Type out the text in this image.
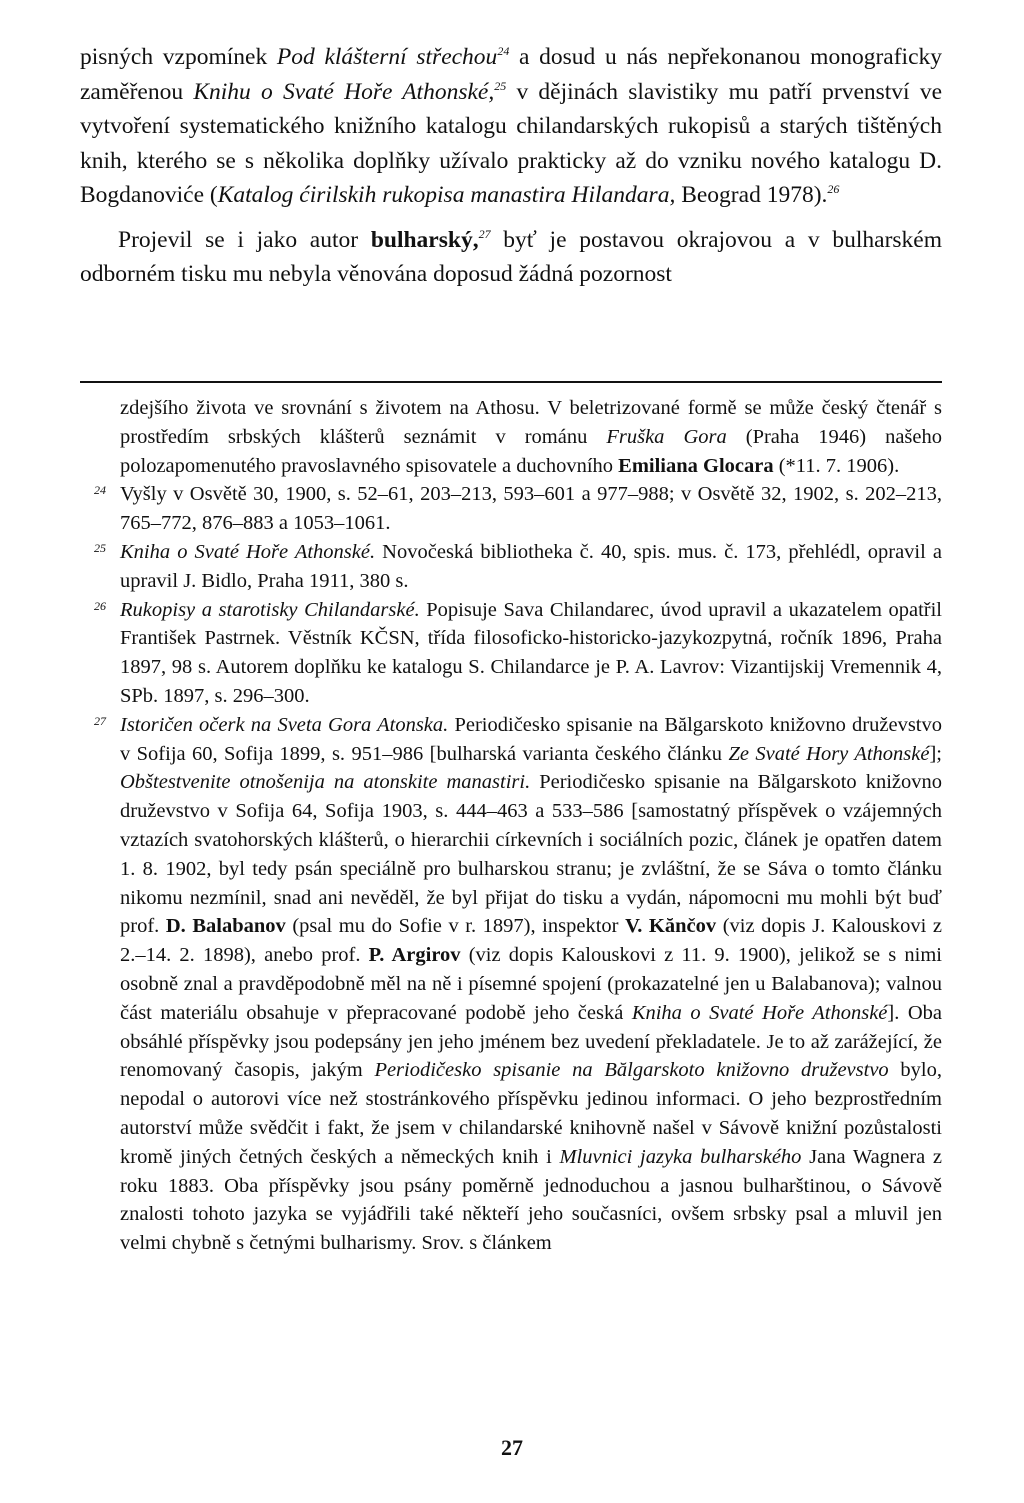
pisných vzpomínek Pod klášterní střechou$^{24}$ a dosud u nás nepřekonanou monograficky zaměřenou Knihu o Svaté Hoře Athonské,$^{25}$ v dějinách slavistiky mu patří prvenství ve vytvoření systematického knižního katalogu chilandarských rukopisů a starých tištěných knih, kterého se s několika doplňky užívalo prakticky až do vzniku nového katalogu D. Bogdanoviće (Katalog ćirilskih rukopisa manastira Hilandara, Beograd 1978).$^{26}$

Projevil se i jako autor bulharský,$^{27}$ byť je postavou okrajovou a v bulharském odborném tisku mu nebyla věnována doposud žádná pozornost

zdejšího života ve srovnání s životem na Athosu. V beletrizované formě se může český čtenář s prostředím srbských klášterů seznámit v románu Fruška Gora (Praha 1946) našeho polozapomenutého pravoslavného spisovatele a duchovního Emiliana Glocara (*11. 7. 1906).

24 Vyšly v Osvětě 30, 1900, s. 52–61, 203–213, 593–601 a 977–988; v Osvětě 32, 1902, s. 202–213, 765–772, 876–883 a 1053–1061.

25 Kniha o Svaté Hoře Athonské. Novočeská bibliotheka č. 40, spis. mus. č. 173, přehlédl, opravil a upravil J. Bidlo, Praha 1911, 380 s.

26 Rukopisy a starotisky Chilandarské. Popisuje Sava Chilandarec, úvod upravil a ukazatelem opatřil František Pastrnek. Věstník KČSN, třída filosoficko-historicko-jazykozpytná, ročník 1896, Praha 1897, 98 s. Autorem doplňku ke katalogu S. Chilandarce je P. A. Lavrov: Vizantijskij Vremennik 4, SPb. 1897, s. 296–300.

27 Istoričen očerk na Sveta Gora Atonska. Periodičesko spisanie na Bălgarskoto knižovno druževstvo v Sofija 60, Sofija 1899, s. 951–986 [bulharská varianta českého článku Ze Svaté Hory Athonské]; Obštestvenite otnošenija na atonskite manastiri. Periodičesko spisanie na Bălgarskoto knižovno druževstvo v Sofija 64, Sofija 1903, s. 444–463 a 533–586 [samostatný příspěvek o vzájemných vztazích svatohorských klášterů, o hierarchii církevních i sociálních pozic, článek je opatřen datem 1. 8. 1902, byl tedy psán speciálně pro bulharskou stranu; je zvláštní, že se Sáva o tomto článku nikomu nezmínil, snad ani nevěděl, že byl přijat do tisku a vydán, nápomocni mu mohli být buď prof. D. Balabanov (psal mu do Sofie v r. 1897), inspektor V. Kănčov (viz dopis J. Kalouskovi z 2.–14. 2. 1898), anebo prof. P. Argirov (viz dopis Kalouskovi z 11. 9. 1900), jelikož se s nimi osobně znal a pravděpodobně měl na ně i písemné spojení (prokazatelné jen u Balabanova); valnou část materiálu obsahuje v přepracované podobě jeho česká Kniha o Svaté Hoře Athonské]. Oba obsáhlé příspěvky jsou podepsány jen jeho jménem bez uvedení překladatele. Je to až zarážející, že renomovaný časopis, jakým Periodičesko spisanie na Bălgarskoto knižovno druževstvo bylo, nepodal o autorovi více než stostránkového příspěvku jedinou informaci. O jeho bezprostředním autorství může svědčit i fakt, že jsem v chilandarské knihovně našel v Sávově knižní pozůstalosti kromě jiných četných českých a německých knih i Mluvnici jazyka bulharského Jana Wagnera z roku 1883. Oba příspěvky jsou psány poměrně jednoduchou a jasnou bulharštinou, o Sávově znalosti tohoto jazyka se vyjádřili také někteří jeho současníci, ovšem srbsky psal a mluvil jen velmi chybně s četnými bulharismy. Srov. s článkem

27
